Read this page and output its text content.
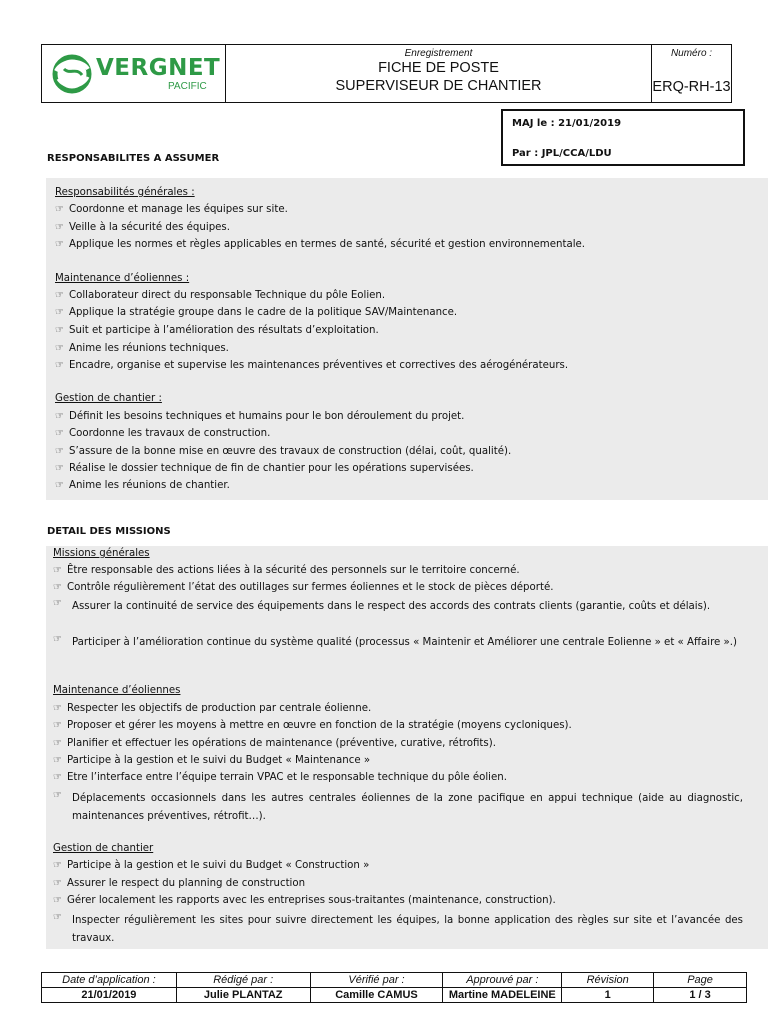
VERGNET
PACIFIC
Enregistrement
FICHE DE POSTE
SUPERVISEUR DE CHANTIER
Numéro :
ERQ-RH-13
MAJ le : 21/01/2019
Par : JPL/CCA/LDU
RESPONSABILITES A ASSUMER
Responsabilités générales :
☞ Coordonne et manage les équipes sur site.
☞ Veille à la sécurité des équipes.
☞ Applique les normes et règles applicables en termes de santé, sécurité et gestion environnementale.
Maintenance d’éoliennes :
☞ Collaborateur direct du responsable Technique du pôle Eolien.
☞ Applique la stratégie groupe dans le cadre de la politique SAV/Maintenance.
☞ Suit et participe à l’amélioration des résultats d’exploitation.
☞ Anime les réunions techniques.
☞ Encadre, organise et supervise les maintenances préventives et correctives des aérogénérateurs.
Gestion de chantier :
☞ Définit les besoins techniques et humains pour le bon déroulement du projet.
☞ Coordonne les travaux de construction.
☞ S’assure de la bonne mise en œuvre des travaux de construction (délai, coût, qualité).
☞ Réalise le dossier technique de fin de chantier pour les opérations supervisées.
☞ Anime les réunions de chantier.
DETAIL DES MISSIONS
Missions générales
☞ Être responsable des actions liées à la sécurité des personnels sur le territoire concerné.
☞ Contrôle régulièrement l’état des outillages sur fermes éoliennes et le stock de pièces déporté.
☞ Assurer la continuité de service des équipements dans le respect des accords des contrats clients (garantie, coûts et délais).
☞ Participer à l’amélioration continue du système qualité (processus « Maintenir et Améliorer une centrale Eolienne » et « Affaire ».)
Maintenance d’éoliennes
☞ Respecter les objectifs de production par centrale éolienne.
☞ Proposer et gérer les moyens à mettre en œuvre en fonction de la stratégie (moyens cycloniques).
☞ Planifier et effectuer les opérations de maintenance (préventive, curative, rétrofits).
☞ Participe à la gestion et le suivi du Budget « Maintenance »
☞ Etre l’interface entre l’équipe terrain VPAC et le responsable technique du pôle éolien.
☞ Déplacements occasionnels dans les autres centrales éoliennes de la zone pacifique en appui technique (aide au diagnostic, maintenances préventives, rétrofit…).
Gestion de chantier
☞ Participe à la gestion et le suivi du Budget « Construction »
☞ Assurer le respect du planning de construction
☞ Gérer localement les rapports avec les entreprises sous-traitantes (maintenance, construction).
☞ Inspecter régulièrement les sites pour suivre directement les équipes, la bonne application des règles sur site et l’avancée des travaux.
Date d’application :	Rédigé par :	Vérifié par :	Approuvé par :	Révision	Page
21/01/2019	Julie PLANTAZ	Camille CAMUS	Martine MADELEINE	1	1 / 3
